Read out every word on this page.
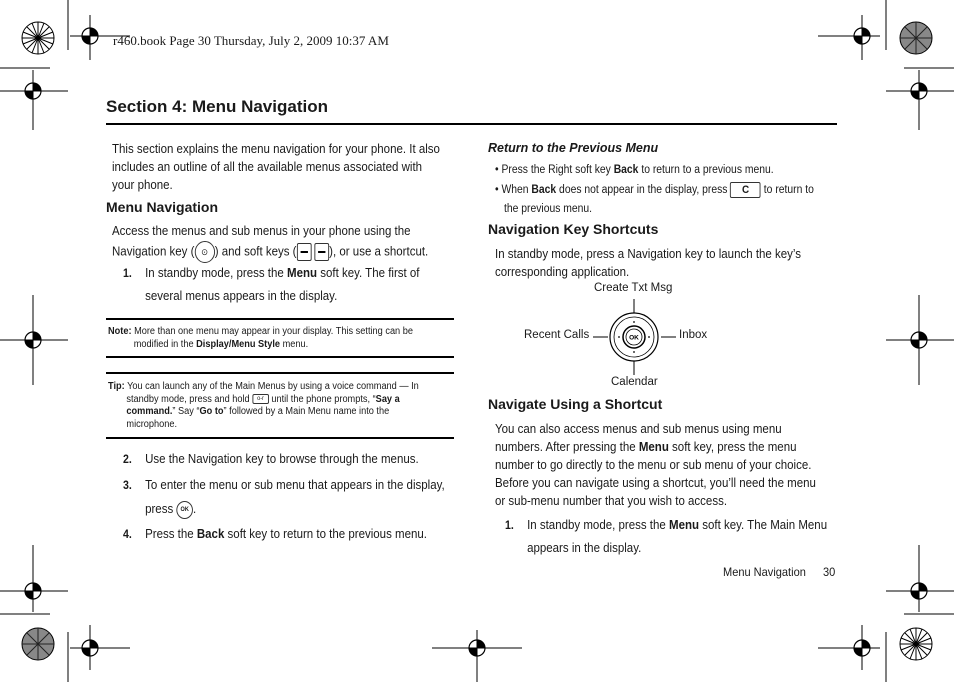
r460.book Page 30 Thursday, July 2, 2009 10:37 AM
Section 4: Menu Navigation
This section explains the menu navigation for your phone. It also
includes an outline of all the available menus associated with
your phone.
Menu Navigation
Access the menus and sub menus in your phone using the
Navigation key ( ⊙ ) and soft keys (
	), or use a shortcut.
1. In standby mode, press the Menu soft key. The first of
several menus appears in the display.
Note: More than one menu may appear in your display. This setting can be
modified in the Display/Menu Style menu.
Tip: You can launch any of the Main Menus by using a voice command — In
standby mode, press and hold o-r until the phone prompts, “Say a
command.” Say “Go to” followed by a Main Menu name into the
microphone.
2. Use the Navigation key to browse through the menus.
3. To enter the menu or sub menu that appears in the display,
press OK .
4. Press the Back soft key to return to the previous menu.
Return to the Previous Menu
• Press the Right soft key Back to return to a previous menu.
• When Back does not appear in the display, press C to return to
the previous menu.
Navigation Key Shortcuts
In standby mode, press a Navigation key to launch the key’s
corresponding application.
Create Txt Msg
Recent Calls	Inbox
Calendar
OK
Navigate Using a Shortcut
You can also access menus and sub menus using menu
numbers. After pressing the Menu soft key, press the menu
number to go directly to the menu or sub menu of your choice.
Before you can navigate using a shortcut, you’ll need the menu
or sub-menu number that you wish to access.
1. In standby mode, press the Menu soft key. The Main Menu
appears in the display.
Menu Navigation 30
